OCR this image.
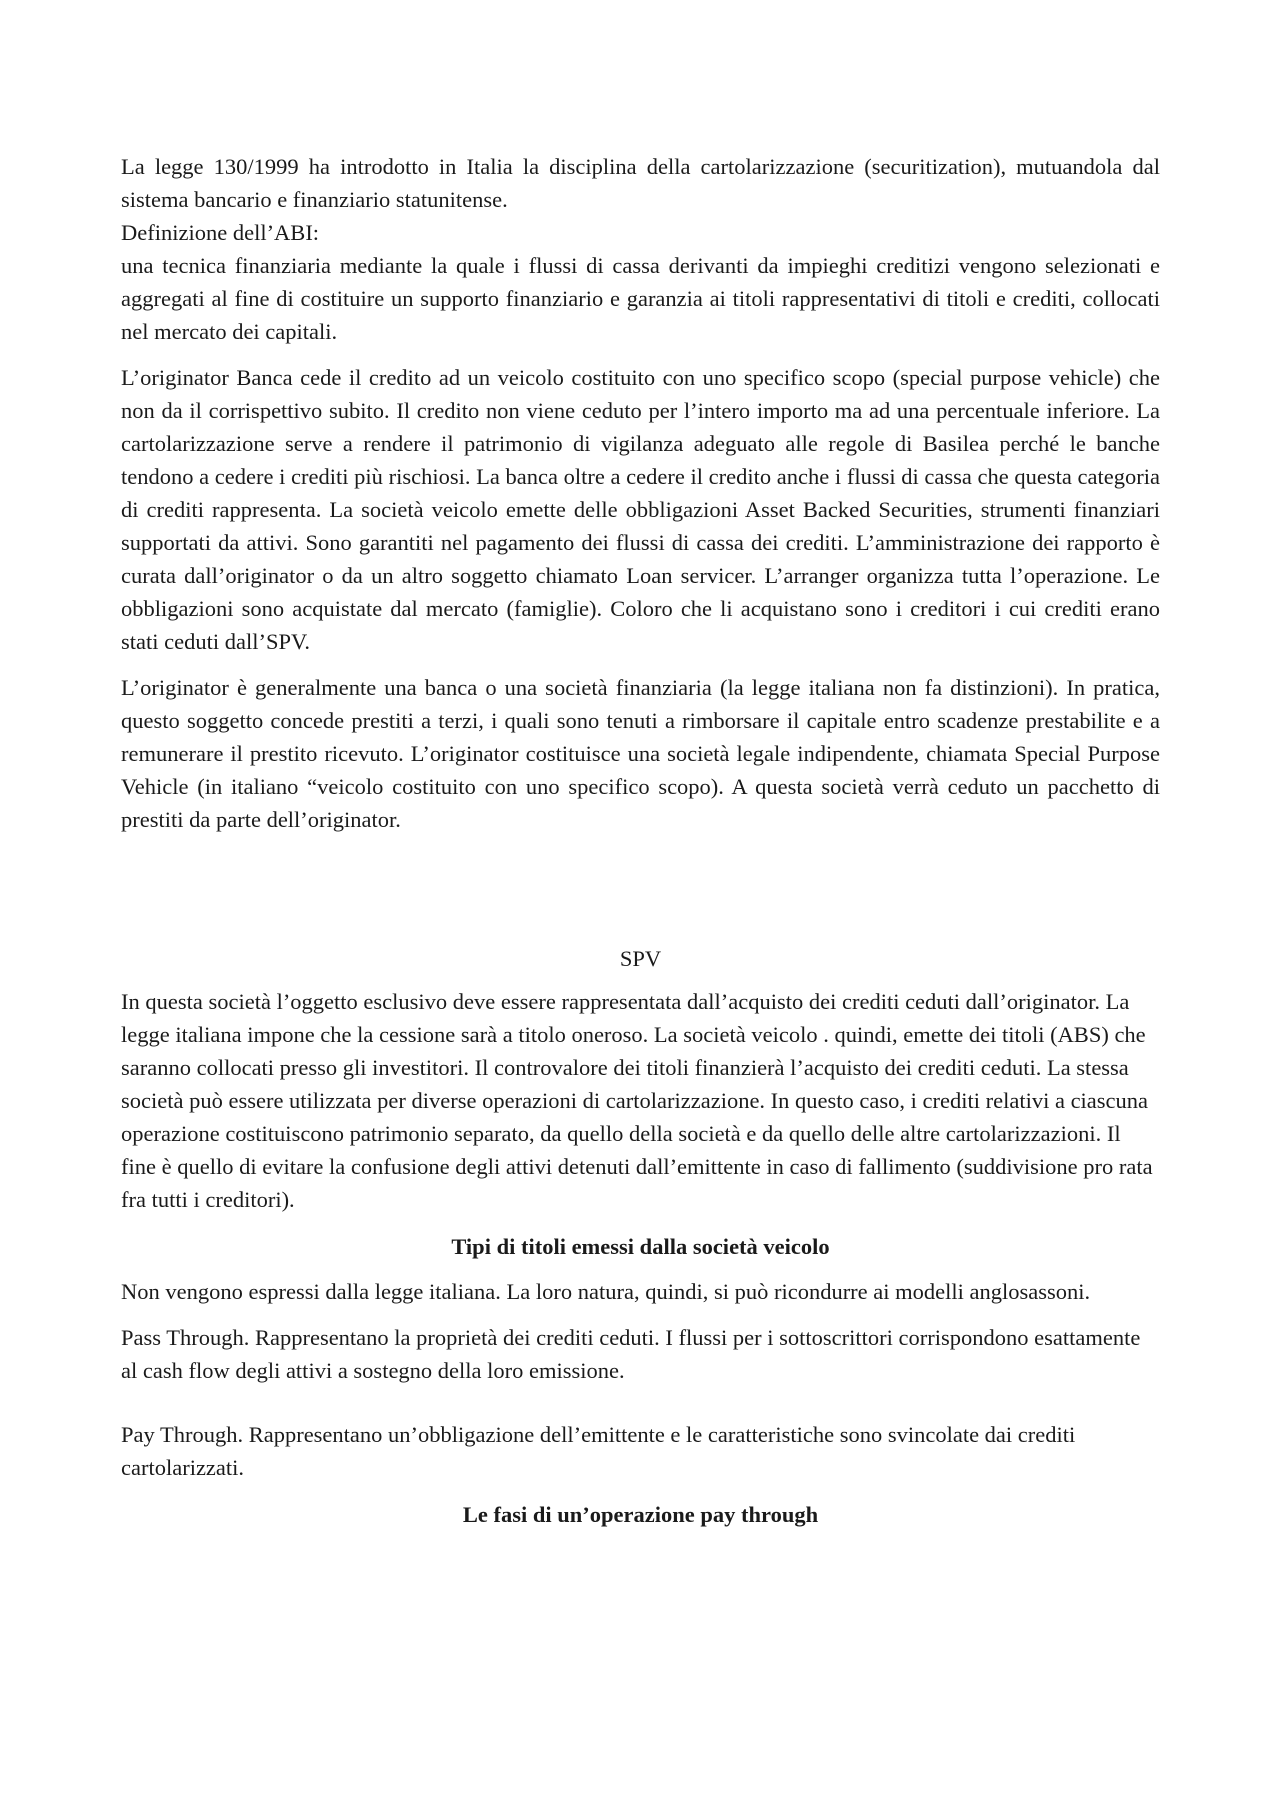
La legge 130/1999 ha introdotto in Italia la disciplina della cartolarizzazione (securitization), mutuandola dal sistema bancario e finanziario statunitense.

Definizione dell’ABI:

una tecnica finanziaria mediante la quale i flussi di cassa derivanti da impieghi creditizi vengono selezionati e aggregati al fine di costituire un supporto finanziario e garanzia ai titoli rappresentativi di titoli e crediti, collocati nel mercato dei capitali.

L’originator Banca cede il credito ad un veicolo costituito con uno specifico scopo (special purpose vehicle) che non da il corrispettivo subito. Il credito non viene ceduto per l’intero importo ma ad una percentuale inferiore. La cartolarizzazione serve a rendere il patrimonio di vigilanza adeguato alle regole di Basilea perché le banche tendono a cedere i crediti più rischiosi. La banca oltre a cedere il credito anche i flussi di cassa che questa categoria di crediti rappresenta. La società veicolo emette delle obbligazioni Asset Backed Securities, strumenti finanziari supportati da attivi. Sono garantiti nel pagamento dei flussi di cassa dei crediti. L’amministrazione dei rapporto è curata dall’originator o da un altro soggetto chiamato Loan servicer. L’arranger organizza tutta l’operazione. Le obbligazioni sono acquistate dal mercato (famiglie). Coloro che li acquistano sono i creditori i cui crediti erano stati ceduti dall’SPV.

L’originator è generalmente una banca o una società finanziaria (la legge italiana non fa distinzioni). In pratica, questo soggetto concede prestiti a terzi, i quali sono tenuti a rimborsare il capitale entro scadenze prestabilite e a remunerare il prestito ricevuto. L’originator costituisce una società legale indipendente, chiamata Special Purpose Vehicle (in italiano “veicolo costituito con uno specifico scopo). A questa società verrà ceduto un pacchetto di prestiti da parte dell’originator.

SPV

In questa società l’oggetto esclusivo deve essere rappresentata dall’acquisto dei crediti ceduti dall’originator. La legge italiana impone che la cessione sarà a titolo oneroso. La società veicolo . quindi, emette dei titoli (ABS) che saranno collocati presso gli investitori. Il controvalore dei titoli finanzierà l’acquisto dei crediti ceduti. La stessa società può essere utilizzata per diverse operazioni di cartolarizzazione. In questo caso, i crediti relativi a ciascuna operazione costituiscono patrimonio separato, da quello della società e da quello delle altre cartolarizzazioni. Il fine è quello di evitare la confusione degli attivi detenuti dall’emittente in caso di fallimento (suddivisione pro rata fra tutti i creditori).

Tipi di titoli emessi dalla società veicolo

Non vengono espressi dalla legge italiana. La loro natura, quindi, si può ricondurre ai modelli anglosassoni.

Pass Through. Rappresentano la proprietà dei crediti ceduti. I flussi per i sottoscrittori corrispondono esattamente al cash flow degli attivi a sostegno della loro emissione.

Pay Through. Rappresentano un’obbligazione dell’emittente e le caratteristiche sono svincolate dai crediti cartolarizzati.

Le fasi di un’operazione pay through
